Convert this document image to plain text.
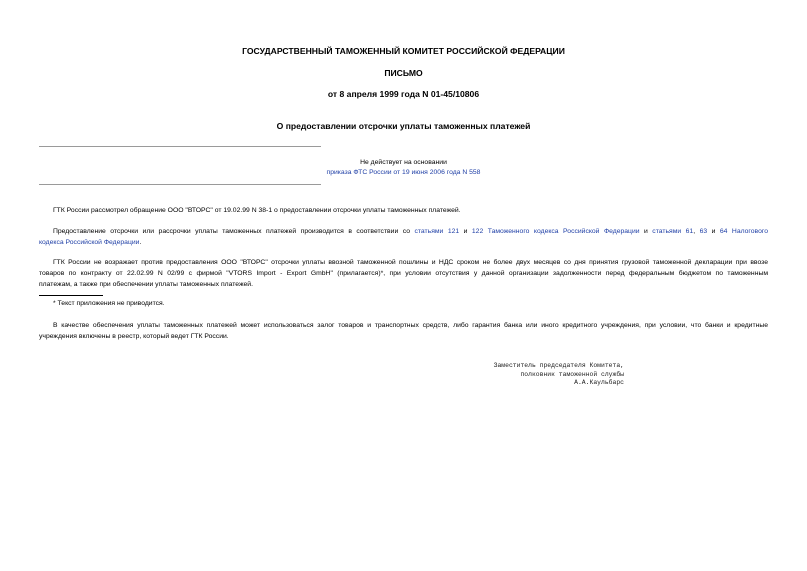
ГОСУДАРСТВЕННЫЙ ТАМОЖЕННЫЙ КОМИТЕТ РОССИЙСКОЙ ФЕДЕРАЦИИ
ПИСЬМО
от 8 апреля 1999 года N 01-45/10806
О предоставлении отсрочки уплаты таможенных платежей
Не действует на основании
приказа ФТС России от 19 июня 2006 года N 558
ГТК России рассмотрел обращение ООО "ВТОРС" от 19.02.99 N 38-1 о предоставлении отсрочки уплаты таможенных платежей.
Предоставление отсрочки или рассрочки уплаты таможенных платежей производится в соответствии со статьями 121 и 122 Таможенного кодекса Российской Федерации и статьями 61, 63 и 64 Налогового
кодекса Российской Федерации.
ГТК России не возражает против предоставления ООО "ВТОРС" отсрочки уплаты ввозной таможенной пошлины и НДС сроком не более двух месяцев со дня принятия грузовой таможенной декларации при ввозе
товаров по контракту от 22.02.99 N 02/99 с фирмой "VTORS Import - Export GmbH" (прилагается)*, при условии отсутствия у данной организации задолженности перед федеральным бюджетом по таможенным
платежам, а также при обеспечении уплаты таможенных платежей.
* Текст приложения не приводится.
В качестве обеспечения уплаты таможенных платежей может использоваться залог товаров и транспортных средств, либо гарантия банка или иного кредитного учреждения, при условии, что банки и кредитные
учреждения включены в реестр, который ведет ГТК России.
Заместитель председателя Комитета,
полковник таможенной службы
А.А.Каульбарс
